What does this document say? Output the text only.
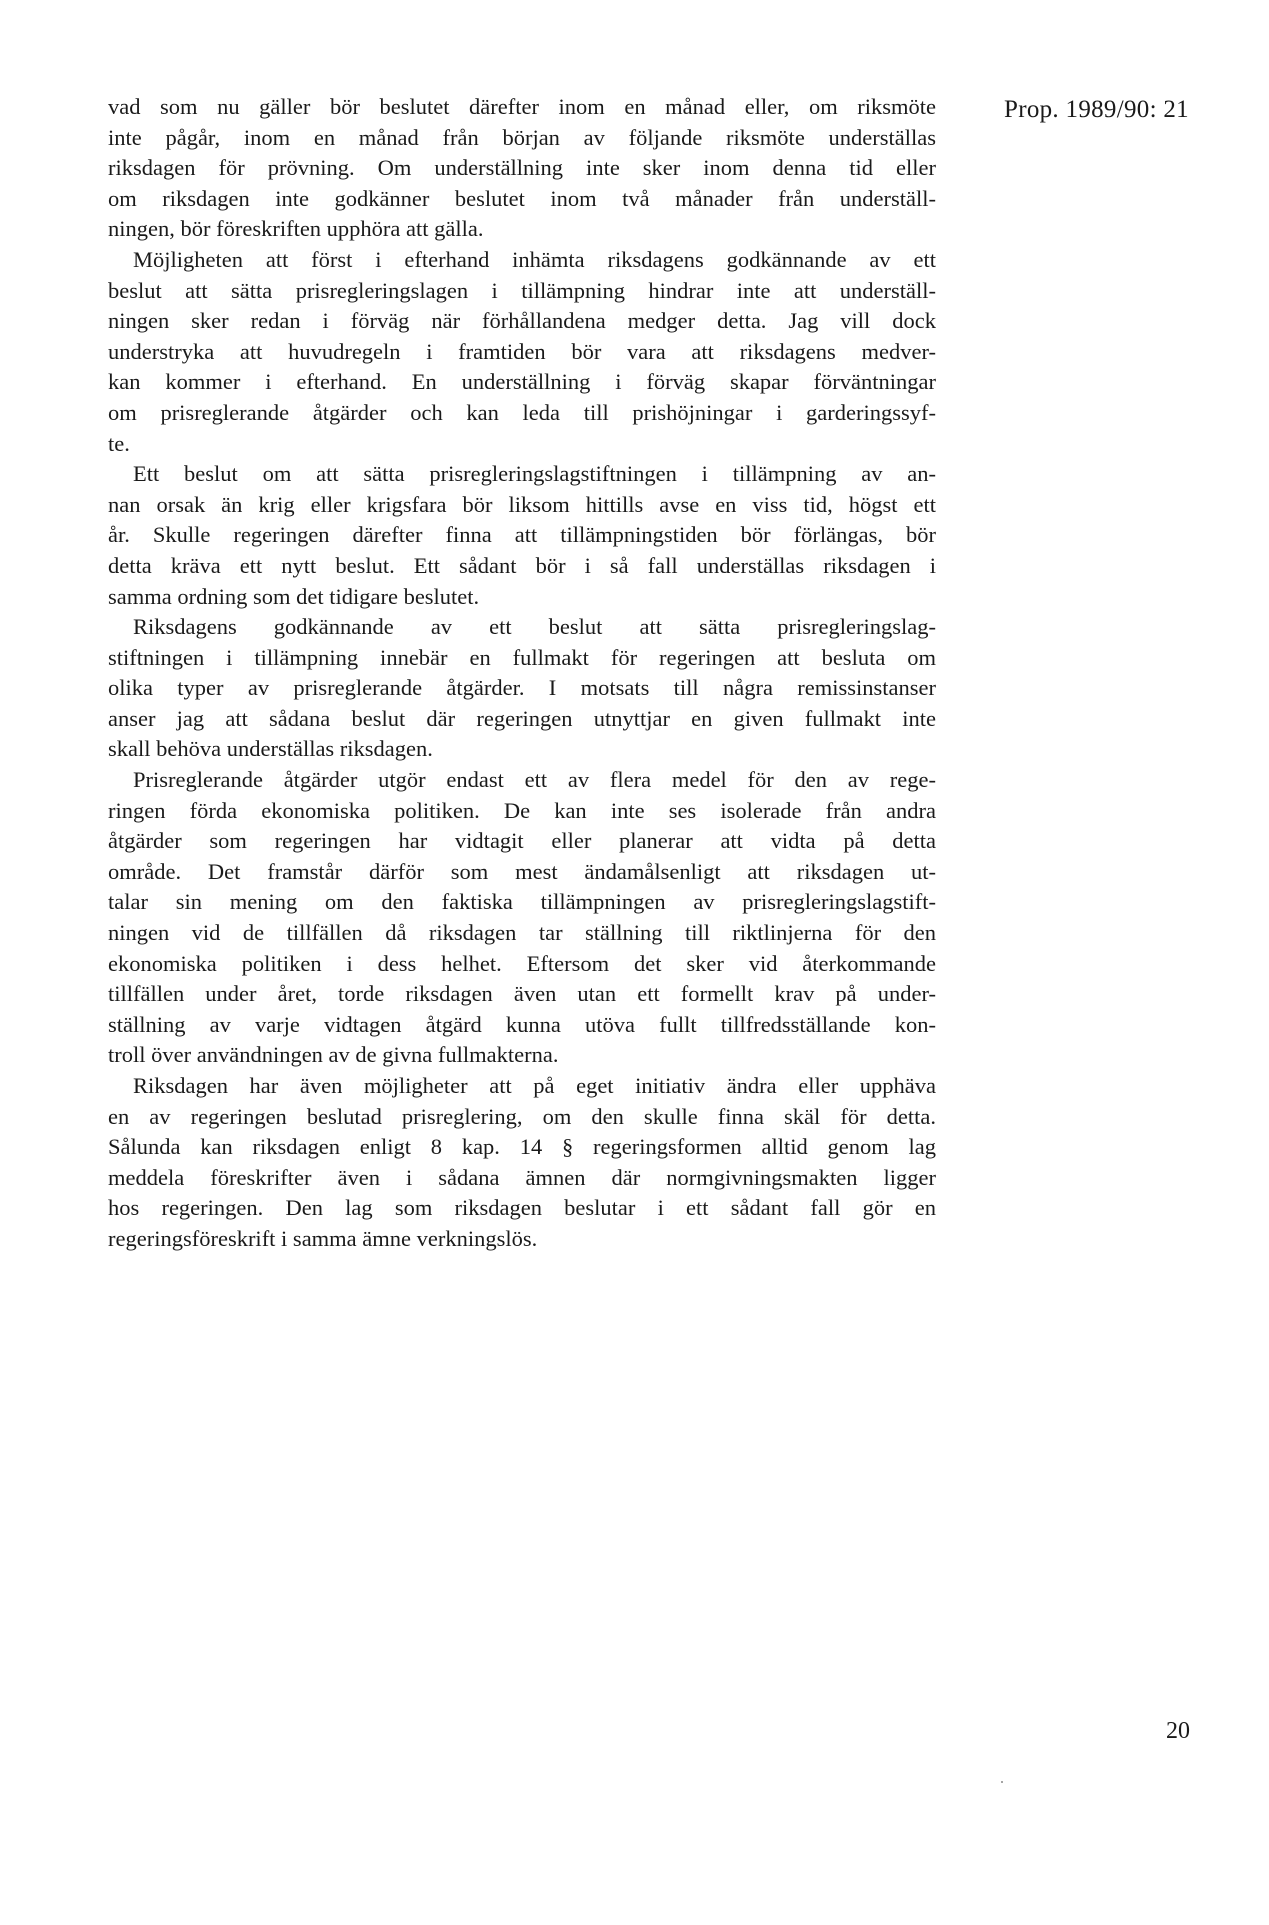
Prop. 1989/90: 21

vad som nu gäller bör beslutet därefter inom en månad eller, om riksmöte
inte pågår, inom en månad från början av följande riksmöte underställas
riksdagen för prövning. Om underställning inte sker inom denna tid eller
om riksdagen inte godkänner beslutet inom två månader från underställ-
ningen, bör föreskriften upphöra att gälla.

Möjligheten att först i efterhand inhämta riksdagens godkännande av ett
beslut att sätta prisregleringslagen i tillämpning hindrar inte att underställ-
ningen sker redan i förväg när förhållandena medger detta. Jag vill dock
understryka att huvudregeln i framtiden bör vara att riksdagens medver-
kan kommer i efterhand. En underställning i förväg skapar förväntningar
om prisreglerande åtgärder och kan leda till prishöjningar i garderingssyf-
te.

Ett beslut om att sätta prisregleringslagstiftningen i tillämpning av an-
nan orsak än krig eller krigsfara bör liksom hittills avse en viss tid, högst ett
år. Skulle regeringen därefter finna att tillämpningstiden bör förlängas, bör
detta kräva ett nytt beslut. Ett sådant bör i så fall underställas riksdagen i
samma ordning som det tidigare beslutet.

Riksdagens godkännande av ett beslut att sätta prisregleringslag-
stiftningen i tillämpning innebär en fullmakt för regeringen att besluta om
olika typer av prisreglerande åtgärder. I motsats till några remissinstanser
anser jag att sådana beslut där regeringen utnyttjar en given fullmakt inte
skall behöva underställas riksdagen.

Prisreglerande åtgärder utgör endast ett av flera medel för den av rege-
ringen förda ekonomiska politiken. De kan inte ses isolerade från andra
åtgärder som regeringen har vidtagit eller planerar att vidta på detta
område. Det framstår därför som mest ändamålsenligt att riksdagen ut-
talar sin mening om den faktiska tillämpningen av prisregleringslagstift-
ningen vid de tillfällen då riksdagen tar ställning till riktlinjerna för den
ekonomiska politiken i dess helhet. Eftersom det sker vid återkommande
tillfällen under året, torde riksdagen även utan ett formellt krav på under-
ställning av varje vidtagen åtgärd kunna utöva fullt tillfredsställande kon-
troll över användningen av de givna fullmakterna.

Riksdagen har även möjligheter att på eget initiativ ändra eller upphäva
en av regeringen beslutad prisreglering, om den skulle finna skäl för detta.
Sålunda kan riksdagen enligt 8 kap. 14 § regeringsformen alltid genom lag
meddela föreskrifter även i sådana ämnen där normgivningsmakten ligger
hos regeringen. Den lag som riksdagen beslutar i ett sådant fall gör en
regeringsföreskrift i samma ämne verkningslös.

20
